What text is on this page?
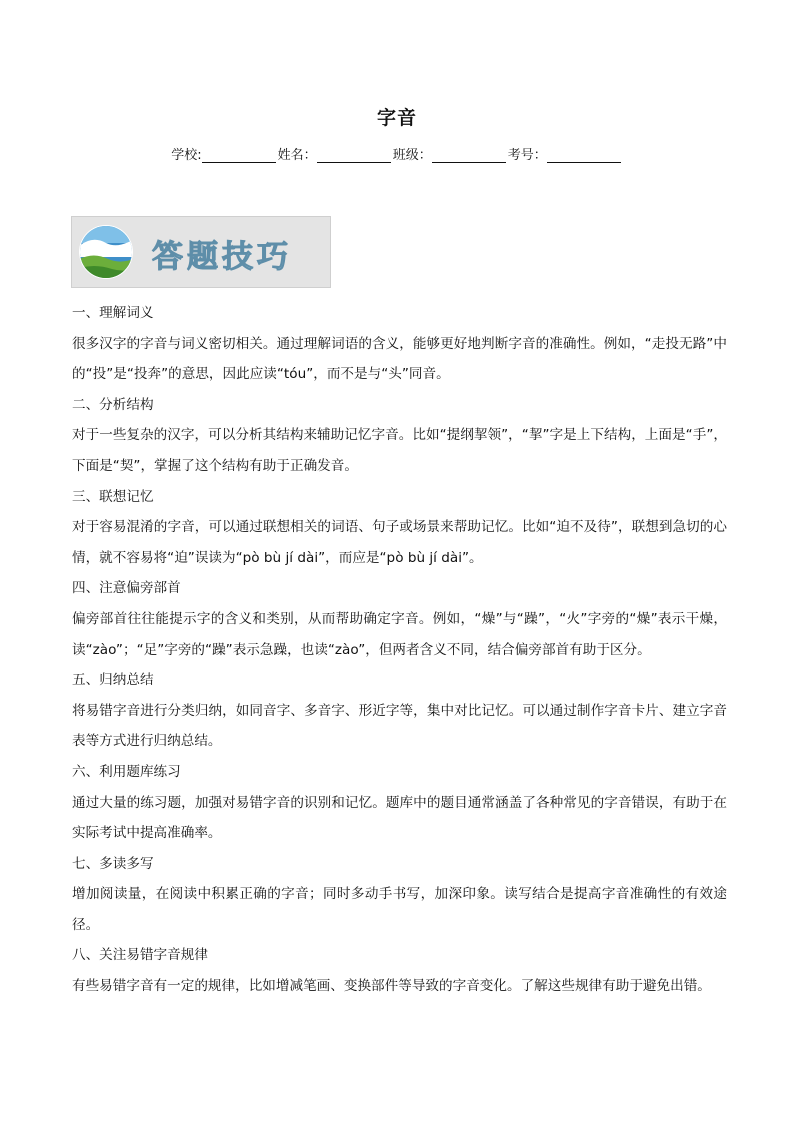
字音
学校:	姓名：	班级：	考号：
答题技巧

一、理解词义

很多汉字的字音与词义密切相关。通过理解词语的含义，能够更好地判断字音的准确性。例如，“走投无路”中的“投”是“投奔”的意思，因此应读“tóu”，而不是与“头”同音。

二、分析结构

对于一些复杂的汉字，可以分析其结构来辅助记忆字音。比如“提纲挈领”，“挈”字是上下结构，上面是“手”，下面是“契”，掌握了这个结构有助于正确发音。

三、联想记忆

对于容易混淆的字音，可以通过联想相关的词语、句子或场景来帮助记忆。比如“迫不及待”，联想到急切的心情，就不容易将“迫”误读为“pò bù jí dài”，而应是“pò bù jí dài”。

四、注意偏旁部首

偏旁部首往往能提示字的含义和类别，从而帮助确定字音。例如，“燥”与“躁”，“火”字旁的“燥”表示干燥，读“zào”；“足”字旁的“躁”表示急躁，也读“zào”，但两者含义不同，结合偏旁部首有助于区分。

五、归纳总结

将易错字音进行分类归纳，如同音字、多音字、形近字等，集中对比记忆。可以通过制作字音卡片、建立字音表等方式进行归纳总结。

六、利用题库练习

通过大量的练习题，加强对易错字音的识别和记忆。题库中的题目通常涵盖了各种常见的字音错误，有助于在实际考试中提高准确率。

七、多读多写

增加阅读量，在阅读中积累正确的字音；同时多动手书写，加深印象。读写结合是提高字音准确性的有效途径。

八、关注易错字音规律

有些易错字音有一定的规律，比如增减笔画、变换部件等导致的字音变化。了解这些规律有助于避免出错。
